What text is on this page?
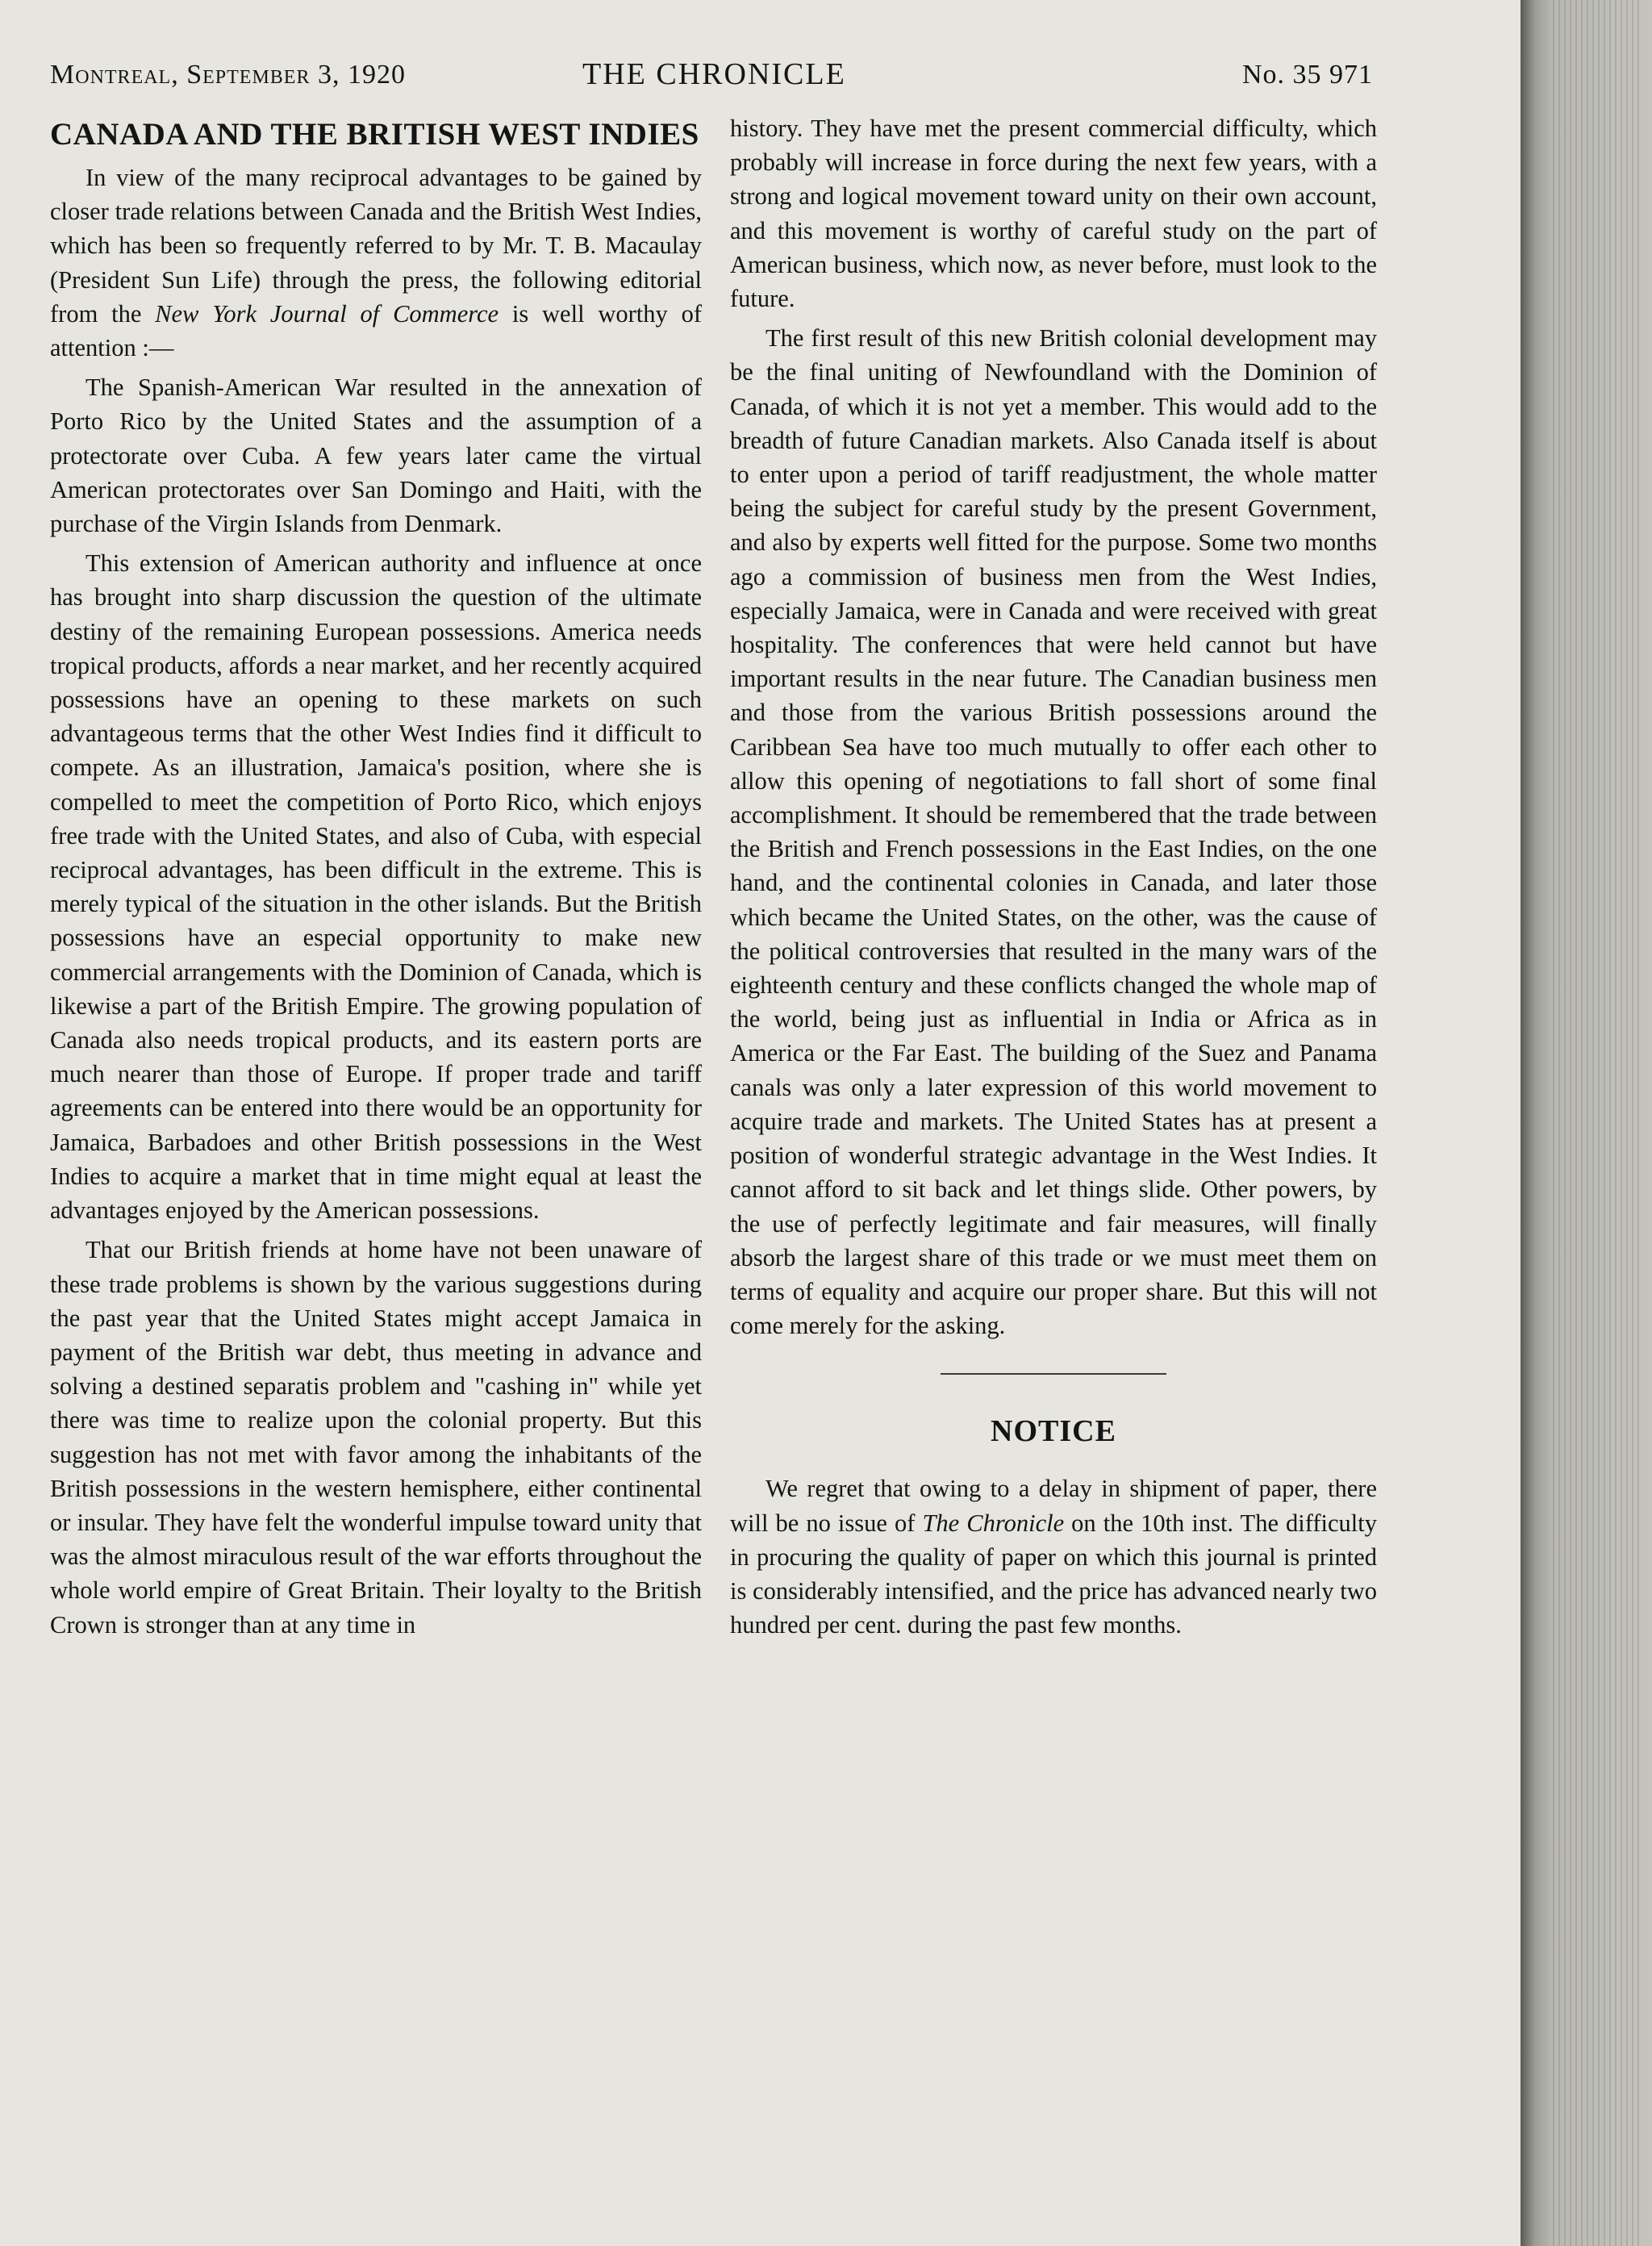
Montreal, September 3, 1920	THE CHRONICLE	No. 35 971
CANADA AND THE BRITISH WEST INDIES

In view of the many reciprocal advantages to be gained by closer trade relations between Canada and the British West Indies, which has been so frequently referred to by Mr. T. B. Macaulay (President Sun Life) through the press, the following editorial from the New York Journal of Commerce is well worthy of attention :—

The Spanish-American War resulted in the annexation of Porto Rico by the United States and the assumption of a protectorate over Cuba. A few years later came the virtual American protectorates over San Domingo and Haiti, with the purchase of the Virgin Islands from Denmark.

This extension of American authority and influence at once has brought into sharp discussion the question of the ultimate destiny of the remaining European possessions. America needs tropical products, affords a near market, and her recently acquired possessions have an opening to these markets on such advantageous terms that the other West Indies find it difficult to compete. As an illustration, Jamaica's position, where she is compelled to meet the competition of Porto Rico, which enjoys free trade with the United States, and also of Cuba, with especial reciprocal advantages, has been difficult in the extreme. This is merely typical of the situation in the other islands. But the British possessions have an especial opportunity to make new commercial arrangements with the Dominion of Canada, which is likewise a part of the British Empire. The growing population of Canada also needs tropical products, and its eastern ports are much nearer than those of Europe. If proper trade and tariff agreements can be entered into there would be an opportunity for Jamaica, Barbadoes and other British possessions in the West Indies to acquire a market that in time might equal at least the advantages enjoyed by the American possessions.

That our British friends at home have not been unaware of these trade problems is shown by the various suggestions during the past year that the United States might accept Jamaica in payment of the British war debt, thus meeting in advance and solving a destined separatis problem and "cashing in" while yet there was time to realize upon the colonial property. But this suggestion has not met with favor among the inhabitants of the British possessions in the western hemisphere, either continental or insular. They have felt the wonderful impulse toward unity that was the almost miraculous result of the war efforts throughout the whole world empire of Great Britain. Their loyalty to the British Crown is stronger than at any time in

history. They have met the present commercial difficulty, which probably will increase in force during the next few years, with a strong and logical movement toward unity on their own account, and this movement is worthy of careful study on the part of American business, which now, as never before, must look to the future.

The first result of this new British colonial development may be the final uniting of Newfoundland with the Dominion of Canada, of which it is not yet a member. This would add to the breadth of future Canadian markets. Also Canada itself is about to enter upon a period of tariff readjustment, the whole matter being the subject for careful study by the present Government, and also by experts well fitted for the purpose. Some two months ago a commission of business men from the West Indies, especially Jamaica, were in Canada and were received with great hospitality. The conferences that were held cannot but have important results in the near future. The Canadian business men and those from the various British possessions around the Caribbean Sea have too much mutually to offer each other to allow this opening of negotiations to fall short of some final accomplishment. It should be remembered that the trade between the British and French possessions in the East Indies, on the one hand, and the continental colonies in Canada, and later those which became the United States, on the other, was the cause of the political controversies that resulted in the many wars of the eighteenth century and these conflicts changed the whole map of the world, being just as influential in India or Africa as in America or the Far East. The building of the Suez and Panama canals was only a later expression of this world movement to acquire trade and markets. The United States has at present a position of wonderful strategic advantage in the West Indies. It cannot afford to sit back and let things slide. Other powers, by the use of perfectly legitimate and fair measures, will finally absorb the largest share of this trade or we must meet them on terms of equality and acquire our proper share. But this will not come merely for the asking.

NOTICE

We regret that owing to a delay in shipment of paper, there will be no issue of The Chronicle on the 10th inst. The difficulty in procuring the quality of paper on which this journal is printed is considerably intensified, and the price has advanced nearly two hundred per cent. during the past few months.
